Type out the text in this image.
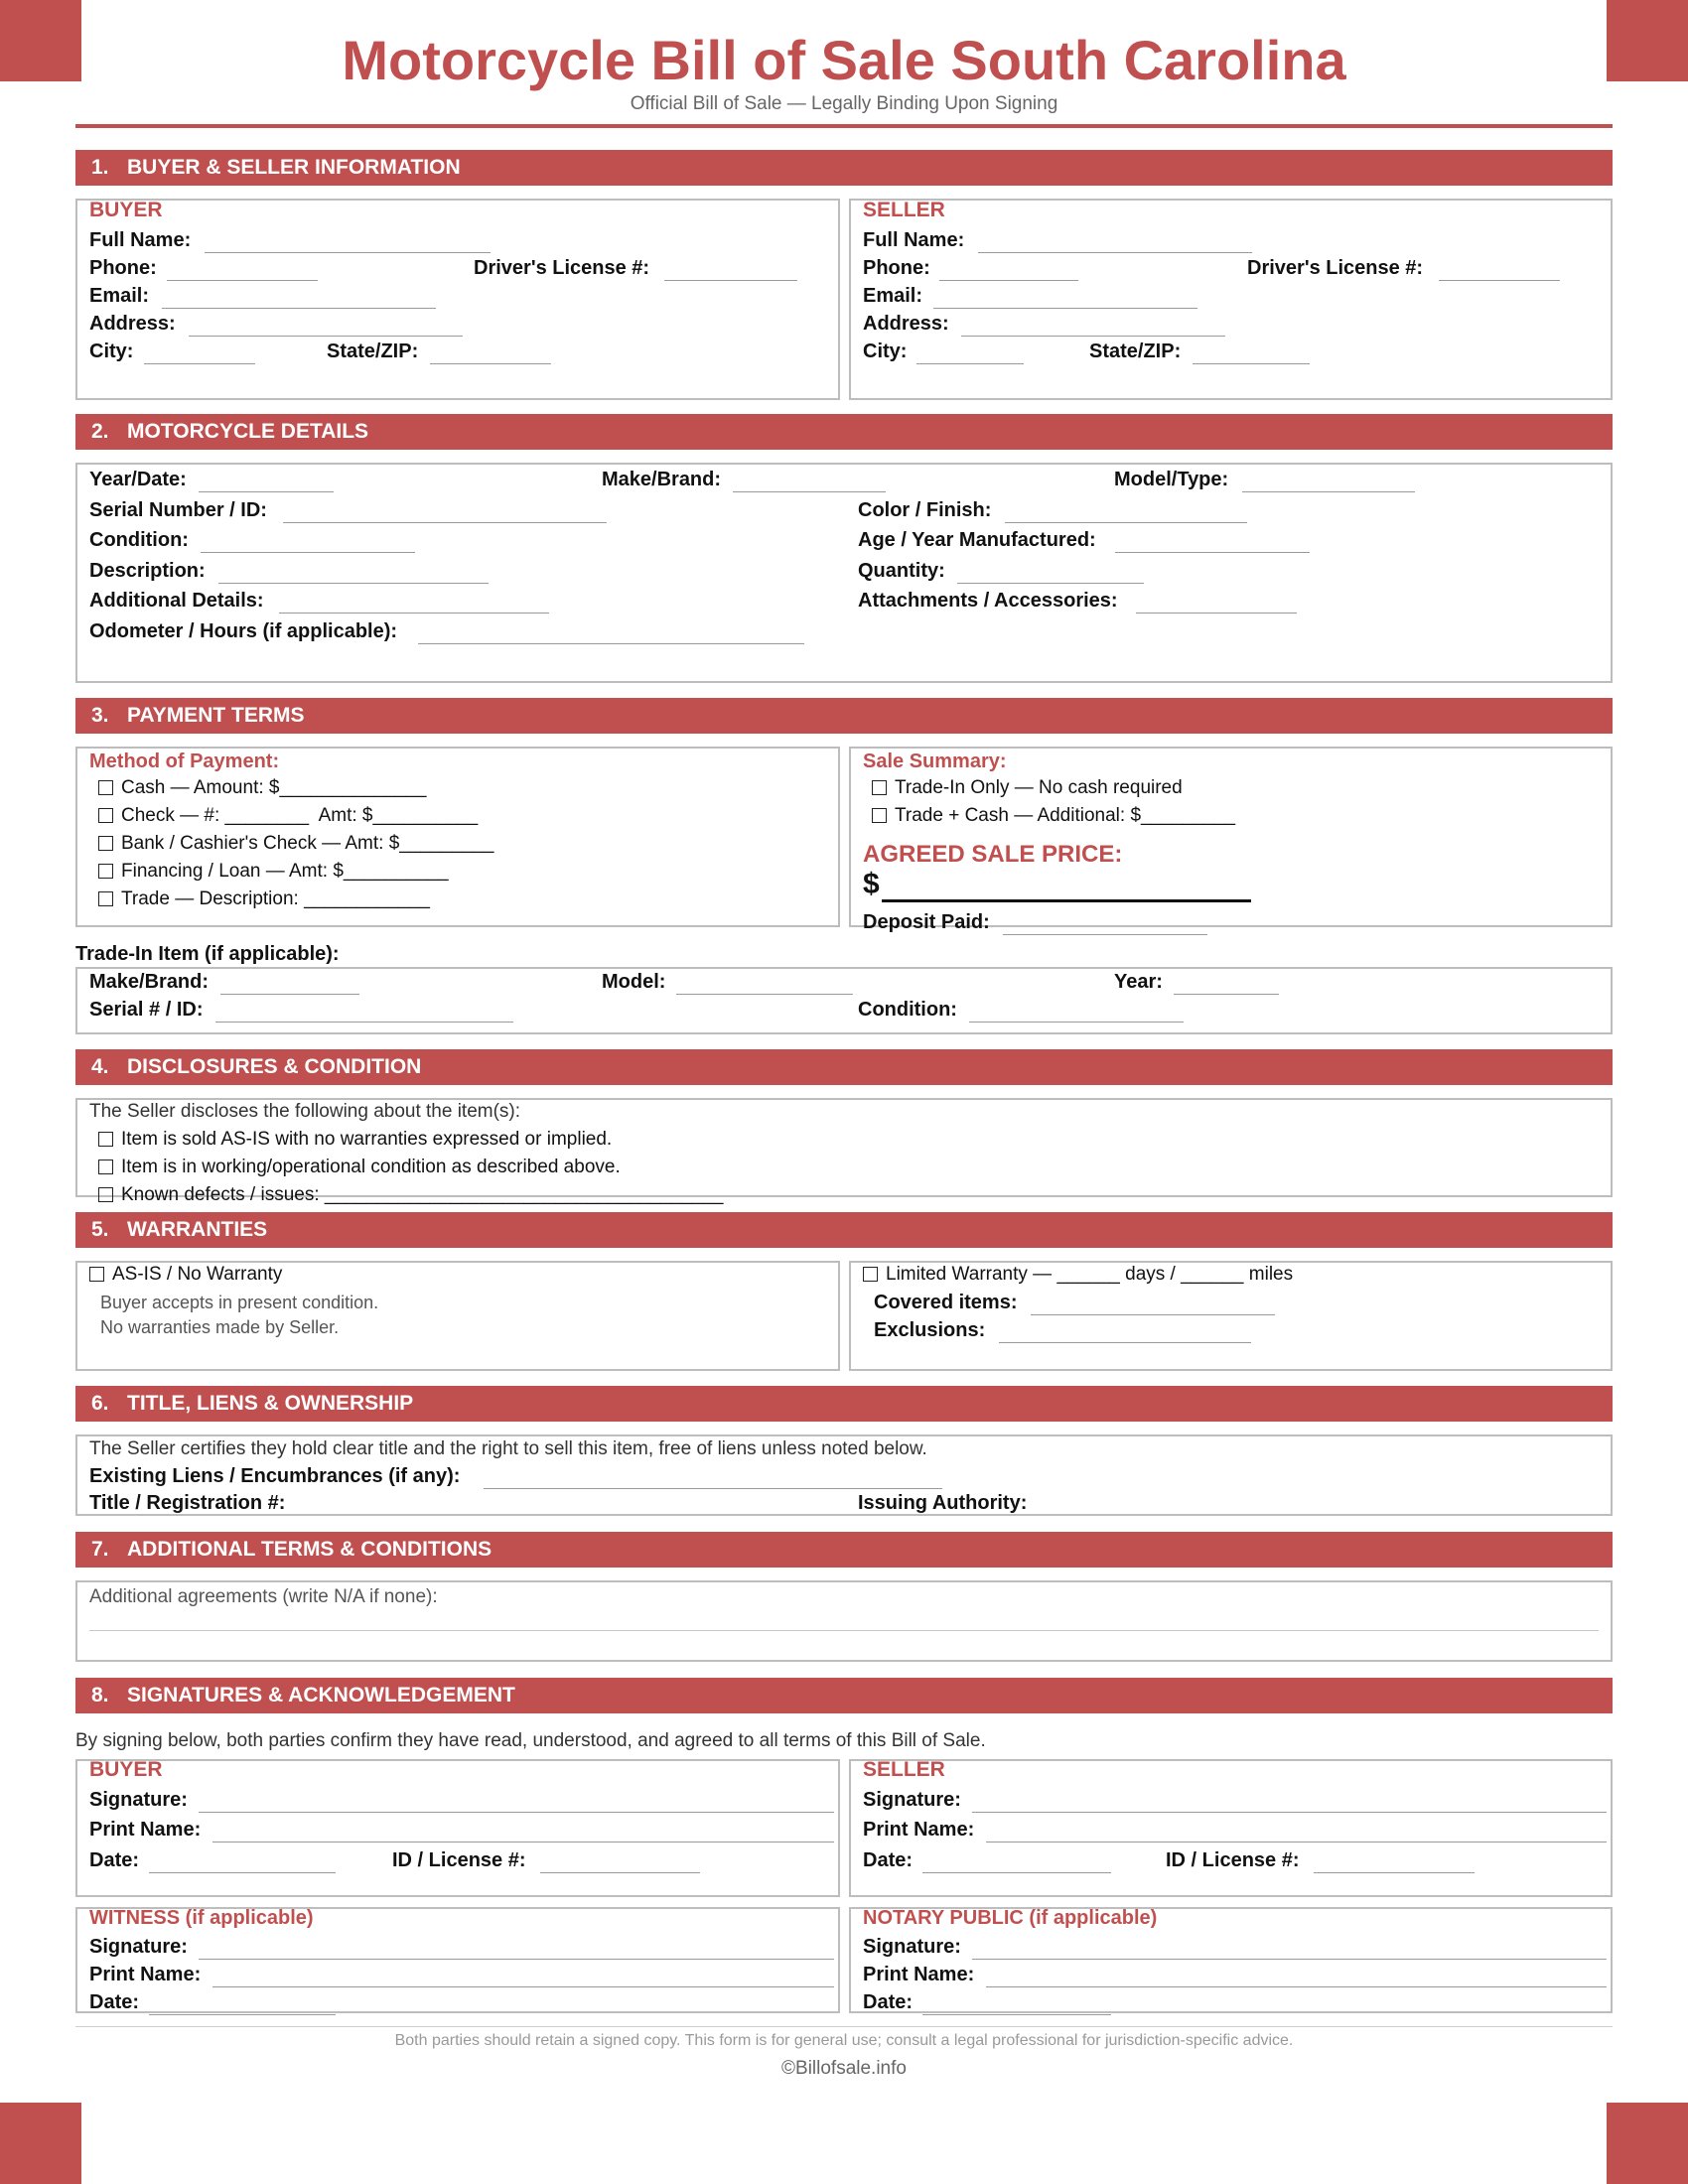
Motorcycle Bill of Sale South Carolina
Official Bill of Sale — Legally Binding Upon Signing
1. BUYER & SELLER INFORMATION
BUYER
Full Name:
Phone:	Driver's License #:
Email:
Address:
City:	State/ZIP:
SELLER
Full Name:
Phone:	Driver's License #:
Email:
Address:
City:	State/ZIP:
2. MOTORCYCLE DETAILS
Year/Date:	Make/Brand:	Model/Type:
Serial Number / ID:	Color / Finish:
Condition:	Age / Year Manufactured:
Description:	Quantity:
Additional Details:	Attachments / Accessories:
Odometer / Hours (if applicable):
3. PAYMENT TERMS
Method of Payment:
Cash — Amount: $______________
Check — #: ________  Amt: $__________
Bank / Cashier's Check — Amt: $_________
Financing / Loan — Amt: $__________
Trade — Description: ____________
Sale Summary:
Trade-In Only — No cash required
Trade + Cash — Additional: $_________
AGREED SALE PRICE:
$
Deposit Paid:
Trade-In Item (if applicable):
Make/Brand:	Model:	Year:
Serial # / ID:	Condition:
4. DISCLOSURES & CONDITION
The Seller discloses the following about the item(s):
Item is sold AS-IS with no warranties expressed or implied.
Item is in working/operational condition as described above.
Known defects / issues: ______________________________________
5. WARRANTIES
AS-IS / No Warranty
Buyer accepts in present condition.
No warranties made by Seller.
Limited Warranty — ______ days / ______ miles
Covered items:
Exclusions:
6. TITLE, LIENS & OWNERSHIP
The Seller certifies they hold clear title and the right to sell this item, free of liens unless noted below.
Existing Liens / Encumbrances (if any):
Title / Registration #:	Issuing Authority:
7. ADDITIONAL TERMS & CONDITIONS
Additional agreements (write N/A if none):
8. SIGNATURES & ACKNOWLEDGEMENT
By signing below, both parties confirm they have read, understood, and agreed to all terms of this Bill of Sale.
BUYER
Signature:
Print Name:
Date:	ID / License #:
SELLER
Signature:
Print Name:
Date:	ID / License #:
WITNESS (if applicable)
Signature:
Print Name:
Date:
NOTARY PUBLIC (if applicable)
Signature:
Print Name:
Date:
Both parties should retain a signed copy. This form is for general use; consult a legal professional for jurisdiction-specific advice.
©Billofsale.info
